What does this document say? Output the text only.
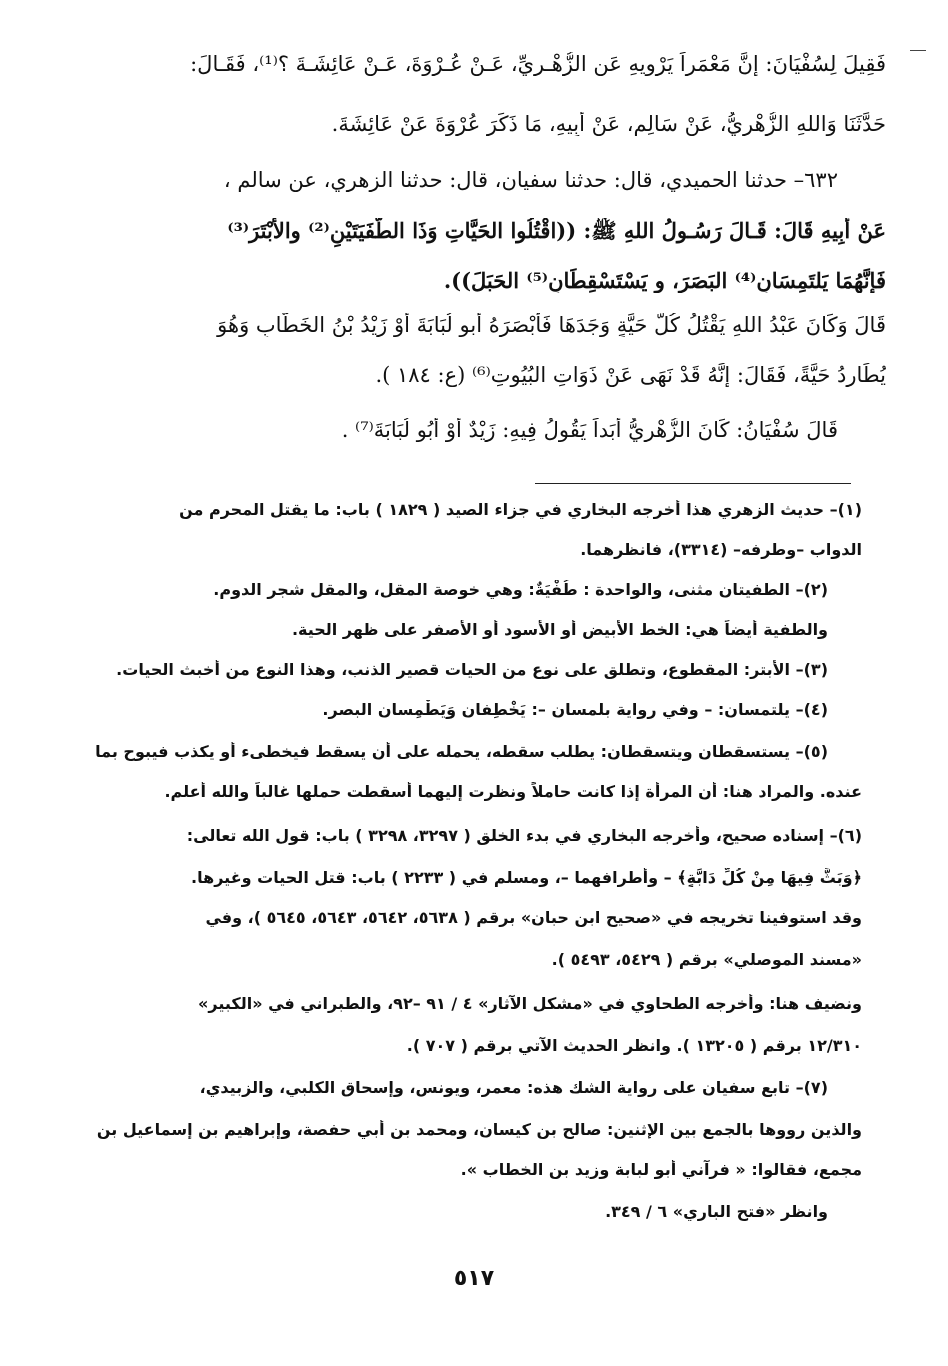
فَقِيلَ لِسُفْيَانَ: إنَّ مَعْمَراً يَرْوِيهِ عَنِ الزُّهْـرِيِّ، عَـنْ عُـرْوَةَ، عَـنْ عَائِشَـةَ ؟⁽¹⁾، فَقَـالَ:
حَدَّثَنَا وَاللهِ الزُّهْرِيُّ، عَنْ سَالِمٍ، عَنْ أَبِيهِ، مَا ذَكَرَ عُرْوَةَ عَنْ عَائِشَةَ.
٦٣٢– حدثنا الحميدي، قال: حدثنا سفيان، قال: حدثنا الزهري، عن سالم ،
عَنْ أَبِيهِ قَالَ: قَـالَ رَسُـولُ اللهِ ﷺ: ((اقْتُلُوا الحَيَّاتِ وَذَا الطُّفَيَتَيْنِ⁽²⁾ والأَبْتَرَ⁽³⁾
فَإنَّهُمَا يَلتَمِسَانِ⁽⁴⁾ البَصَرَ، و يَسْتَسْقِطَانِ⁽⁵⁾ الحَبَلَ)).
قَالَ وَكَانَ عَبْدُ اللهِ يَقْتُلُ كُلَّ حَيَّةٍ وَجَدَهَا فَأَبْصَرَهُ أَبو لُبَابَةَ أَوْ زَيْدُ بْنُ الخَطَّابِ وَهُوَ
يُطَارِدُ حَيَّةً، فَقَالَ: إنَّهُ قَدْ نَهَى عَنْ ذَوَاتِ البُيُوتِ⁽⁶⁾ (ع: ١٨٤ ).
قَالَ سُفْيَانُ: كَانَ الزُّهْرِيُّ أَبَداً يَقُولُ فِيهِ: زَيْدٌ أَوْ أَبُو لُبَابَةَ⁽⁷⁾ .
(١)– حديث الزهري هذا أخرجه البخاري في جزاء الصيد ( ١٨٢٩ ) باب: ما يقتل المحرم من
الدواب –وطرفه– (٣٣١٤)، فانظرهما.
(٢)– الطفيتان مثنى، والواحدة : طُفْيَةٌ: وهي خوصة المقل، والمقل شجر الدوم.
والطفية أيضاً هي: الخط الأبيض أو الأسود أو الأصفر على ظهر الحية.
(٣)– الأبتر: المقطوع، وتطلق على نوع من الحيات قصير الذنب، وهذا النوع من أخبث الحيات.
(٤)– يلتمسان: – وفي رواية بلمسان –: يَخْطِفان وَيَطْمِسان البصر.
(٥)– يستسقطان ويتسقطان: يطلب سقطه، يحمله على أن يسقط فيخطىء أو يكذب فيبوح بما
عنده. والمراد هنا: أن المرأة إذا كانت حاملاً ونظرت إليهما أسقطت حملها غالباً والله أعلم.
(٦)– إسناده صحيح، وأخرجه البخاري في بدء الخلق ( ٣٢٩٧، ٣٢٩٨ ) باب: قول الله تعالى:
﴿وَبَثَّ فِيهَا مِنْ كُلِّ دَابَّةٍ﴾ – وأطرافهما –، ومسلم في ( ٢٢٣٣ ) باب: قتل الحيات وغيرها.
وقد استوفينا تخريجه في «صحيح ابن حبان» برقم ( ٥٦٣٨، ٥٦٤٢، ٥٦٤٣، ٥٦٤٥ )، وفي
«مسند الموصلي» برقم ( ٥٤٢٩، ٥٤٩٣ ).
ونضيف هنا: وأخرجه الطحاوي في «مشكل الآثار» ٤ / ٩١ –٩٢، والطبراني في «الكبير»
١٢/٣١٠ برقم ( ١٣٢٠٥ ). وانظر الحديث الآتي برقم ( ٧٠٧ ).
(٧)– تابع سفيان على رواية الشك هذه: معمر، ويونس، وإسحاق الكلبي، والزبيدي،
والذين رووها بالجمع بين الإثنين: صالح بن كيسان، ومحمد بن أبي حفصة، وإبراهيم بن إسماعيل بن
مجمع، فقالوا: « فرآني أبو لبابة وزيد بن الخطاب ».
وانظر «فتح الباري» ٦ / ٣٤٩.
٥١٧
